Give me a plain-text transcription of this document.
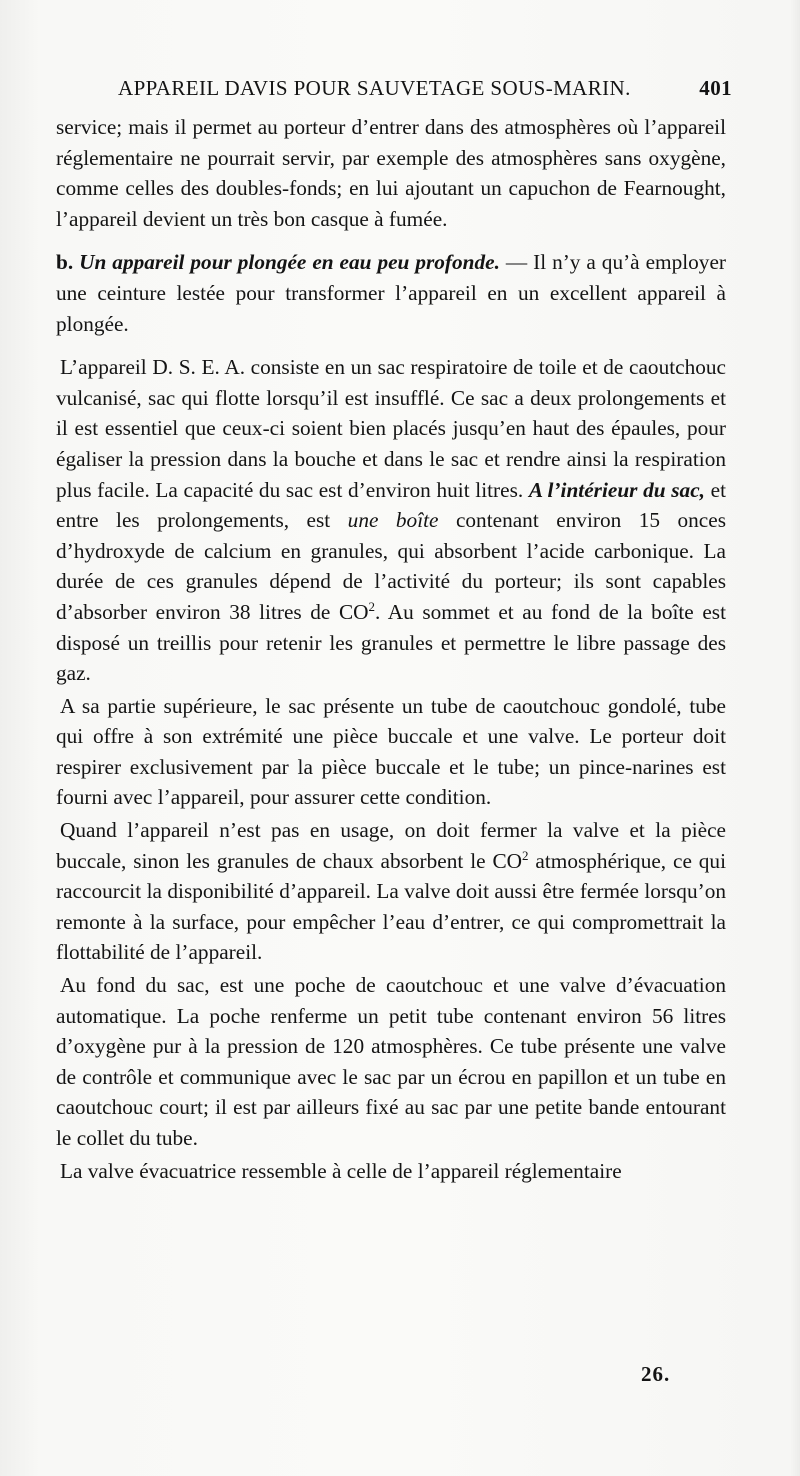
APPAREIL DAVIS POUR SAUVETAGE SOUS-MARIN.	401

service; mais il permet au porteur d’entrer dans des atmosphères où l’appareil réglementaire ne pourrait servir, par exemple des atmosphères sans oxygène, comme celles des doubles-fonds; en lui ajoutant un capuchon de Fearnought, l’appareil devient un très bon casque à fumée.

b. Un appareil pour plongée en eau peu profonde. — Il n’y a qu’à employer une ceinture lestée pour transformer l’appareil en un excellent appareil à plongée.

L’appareil D. S. E. A. consiste en un sac respiratoire de toile et de caoutchouc vulcanisé, sac qui flotte lorsqu’il est insufflé. Ce sac a deux prolongements et il est essentiel que ceux-ci soient bien placés jusqu’en haut des épaules, pour égaliser la pression dans la bouche et dans le sac et rendre ainsi la respiration plus facile. La capacité du sac est d’environ huit litres. A l’intérieur du sac, et entre les prolongements, est une boîte contenant environ 15 onces d’hydroxyde de calcium en granules, qui absorbent l’acide carbonique. La durée de ces granules dépend de l’activité du porteur; ils sont capables d’absorber environ 38 litres de $CO^2$. Au sommet et au fond de la boîte est disposé un treillis pour retenir les granules et permettre le libre passage des gaz.

A sa partie supérieure, le sac présente un tube de caoutchouc gondolé, tube qui offre à son extrémité une pièce buccale et une valve. Le porteur doit respirer exclusivement par la pièce buccale et le tube; un pince-narines est fourni avec l’appareil, pour assurer cette condition.

Quand l’appareil n’est pas en usage, on doit fermer la valve et la pièce buccale, sinon les granules de chaux absorbent le $CO^2$ atmosphérique, ce qui raccourcit la disponibilité d’appareil. La valve doit aussi être fermée lorsqu’on remonte à la surface, pour empêcher l’eau d’entrer, ce qui compromettrait la flottabilité de l’appareil.

Au fond du sac, est une poche de caoutchouc et une valve d’évacuation automatique. La poche renferme un petit tube contenant environ 56 litres d’oxygène pur à la pression de 120 atmosphères. Ce tube présente une valve de contrôle et communique avec le sac par un écrou en papillon et un tube en caoutchouc court; il est par ailleurs fixé au sac par une petite bande entourant le collet du tube.

La valve évacuatrice ressemble à celle de l’appareil réglementaire

26.
